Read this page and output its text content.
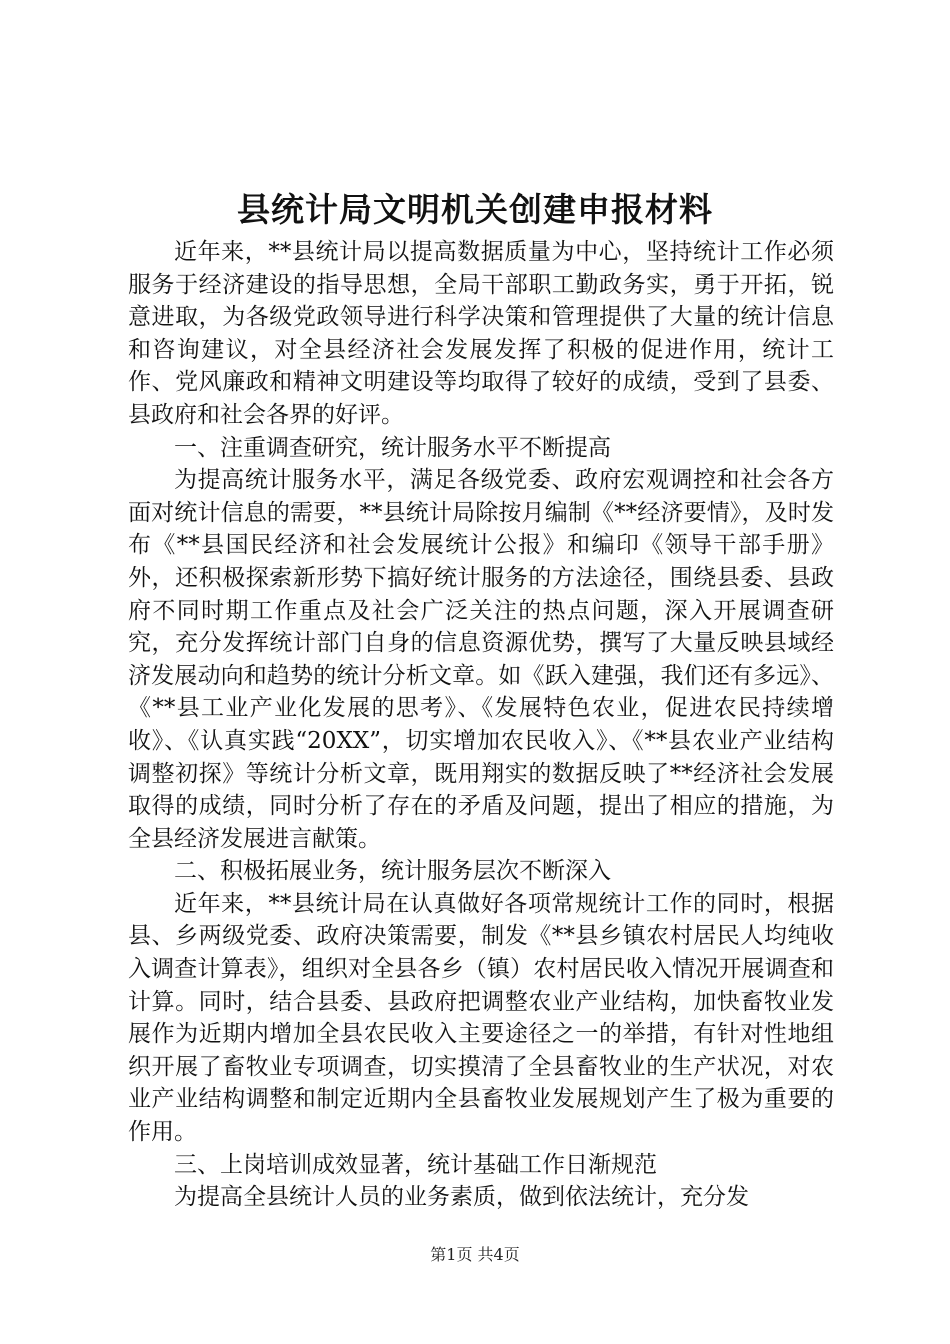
县统计局文明机关创建申报材料

近年来，**县统计局以提高数据质量为中心，坚持统计工作必须服务于经济建设的指导思想，全局干部职工勤政务实，勇于开拓，锐意进取，为各级党政领导进行科学决策和管理提供了大量的统计信息和咨询建议，对全县经济社会发展发挥了积极的促进作用，统计工作、党风廉政和精神文明建设等均取得了较好的成绩，受到了县委、县政府和社会各界的好评。

一、注重调查研究，统计服务水平不断提高

为提高统计服务水平，满足各级党委、政府宏观调控和社会各方面对统计信息的需要，**县统计局除按月编制《**经济要情》，及时发布《**县国民经济和社会发展统计公报》和编印《领导干部手册》外，还积极探索新形势下搞好统计服务的方法途径，围绕县委、县政府不同时期工作重点及社会广泛关注的热点问题，深入开展调查研究，充分发挥统计部门自身的信息资源优势，撰写了大量反映县域经济发展动向和趋势的统计分析文章。如《跃入建强，我们还有多远》、《**县工业产业化发展的思考》、《发展特色农业，促进农民持续增收》、《认真实践“20XX”，切实增加农民收入》、《**县农业产业结构调整初探》等统计分析文章，既用翔实的数据反映了**经济社会发展取得的成绩，同时分析了存在的矛盾及问题，提出了相应的措施，为全县经济发展进言献策。

二、积极拓展业务，统计服务层次不断深入

近年来，**县统计局在认真做好各项常规统计工作的同时，根据县、乡两级党委、政府决策需要，制发《**县乡镇农村居民人均纯收入调查计算表》，组织对全县各乡（镇）农村居民收入情况开展调查和计算。同时，结合县委、县政府把调整农业产业结构，加快畜牧业发展作为近期内增加全县农民收入主要途径之一的举措，有针对性地组织开展了畜牧业专项调查，切实摸清了全县畜牧业的生产状况，对农业产业结构调整和制定近期内全县畜牧业发展规划产生了极为重要的作用。

三、上岗培训成效显著，统计基础工作日渐规范

为提高全县统计人员的业务素质，做到依法统计，充分发

第1页 共4页
